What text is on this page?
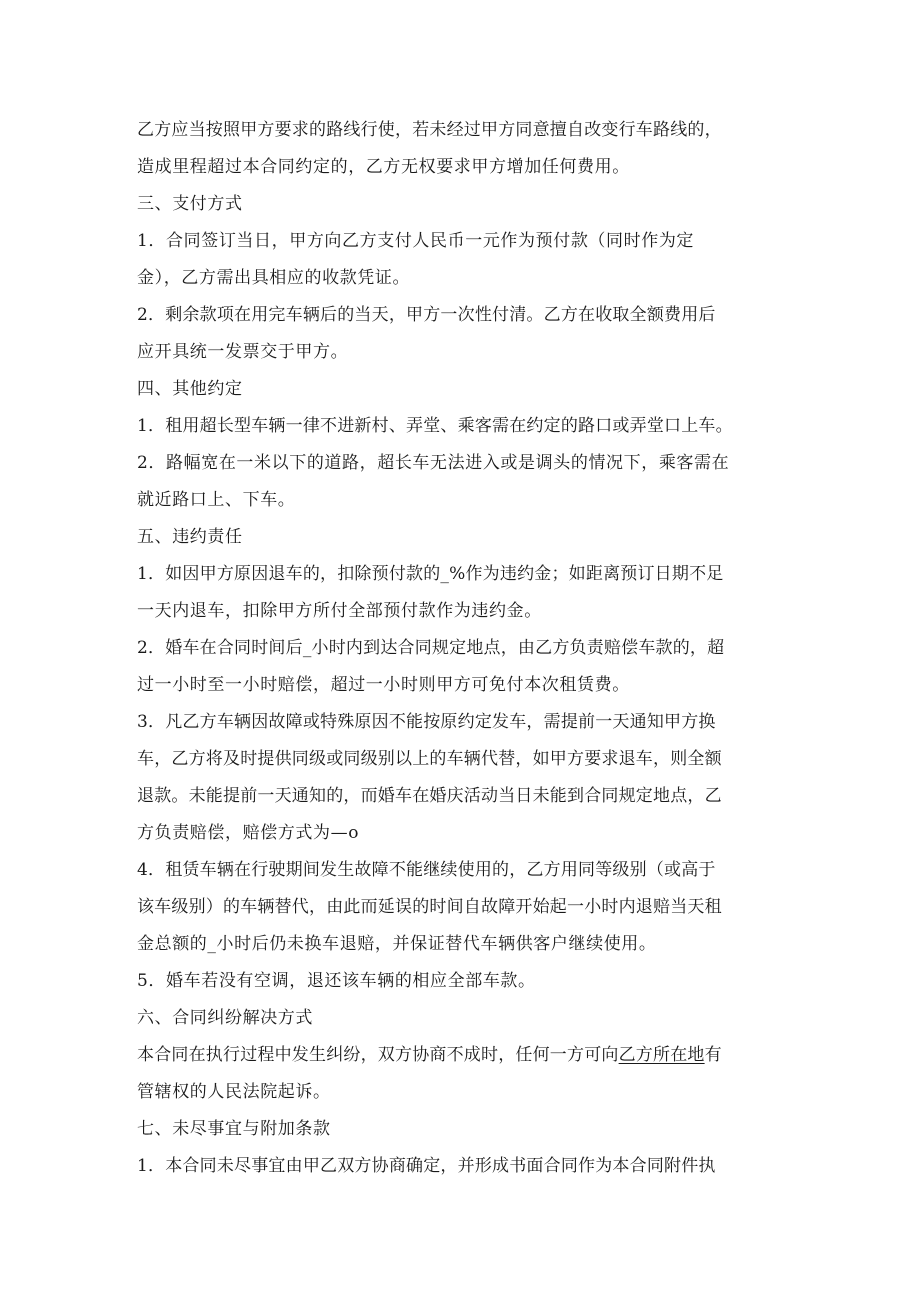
乙方应当按照甲方要求的路线行使，若未经过甲方同意擅自改变行车路线的，
造成里程超过本合同约定的，乙方无权要求甲方增加任何费用。
三、支付方式
1．合同签订当日，甲方向乙方支付人民币一元作为预付款（同时作为定
金），乙方需出具相应的收款凭证。
2．剩余款项在用完车辆后的当天，甲方一次性付清。乙方在收取全额费用后
应开具统一发票交于甲方。
四、其他约定
1．租用超长型车辆一律不进新村、弄堂、乘客需在约定的路口或弄堂口上车。
2．路幅宽在一米以下的道路，超长车无法进入或是调头的情况下，乘客需在
就近路口上、下车。
五、违约责任
1．如因甲方原因退车的，扣除预付款的_%作为违约金；如距离预订日期不足
一天内退车，扣除甲方所付全部预付款作为违约金。
2．婚车在合同时间后_小时内到达合同规定地点，由乙方负责赔偿车款的，超
过一小时至一小时赔偿，超过一小时则甲方可免付本次租赁费。
3．凡乙方车辆因故障或特殊原因不能按原约定发车，需提前一天通知甲方换
车，乙方将及时提供同级或同级别以上的车辆代替，如甲方要求退车，则全额
退款。未能提前一天通知的，而婚车在婚庆活动当日未能到合同规定地点，乙
方负责赔偿，赔偿方式为—o
4．租赁车辆在行驶期间发生故障不能继续使用的，乙方用同等级别（或高于
该车级别）的车辆替代，由此而延误的时间自故障开始起一小时内退赔当天租
金总额的_小时后仍未换车退赔，并保证替代车辆供客户继续使用。
5．婚车若没有空调，退还该车辆的相应全部车款。
六、合同纠纷解决方式
本合同在执行过程中发生纠纷，双方协商不成时，任何一方可向乙方所在地有
管辖权的人民法院起诉。
七、未尽事宜与附加条款
1．本合同未尽事宜由甲乙双方协商确定，并形成书面合同作为本合同附件执
